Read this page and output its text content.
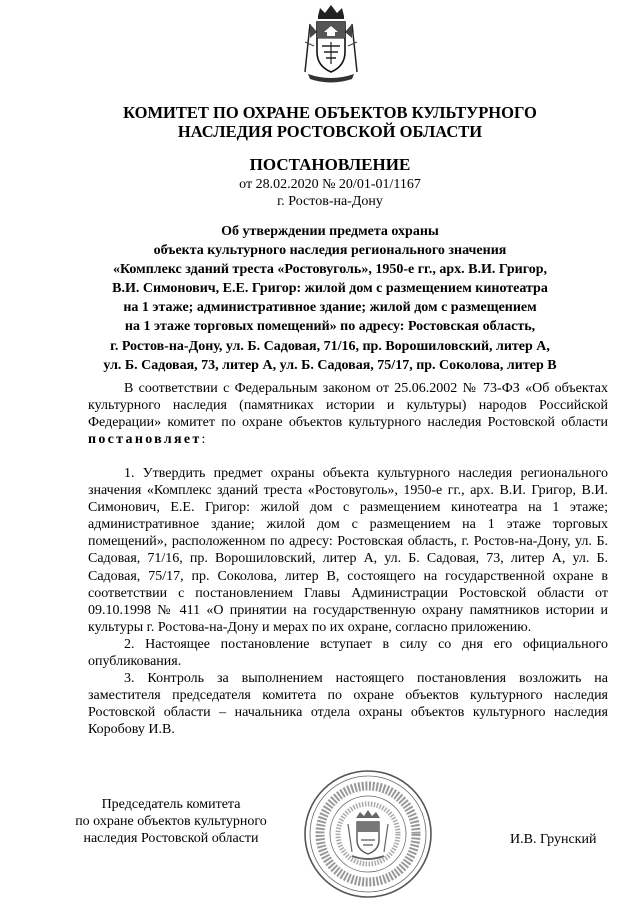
КОМИТЕТ ПО ОХРАНЕ ОБЪЕКТОВ КУЛЬТУРНОГО
НАСЛЕДИЯ РОСТОВСКОЙ ОБЛАСТИ
ПОСТАНОВЛЕНИЕ
от 28.02.2020 № 20/01-01/1167
г. Ростов-на-Дону
Об утверждении предмета охраны
объекта культурного наследия регионального значения
«Комплекс зданий треста «Ростовуголь», 1950-е гг., арх. В.И. Григор,
В.И. Симонович, Е.Е. Григор: жилой дом с размещением кинотеатра
на 1 этаже; административное здание; жилой дом с размещением
на 1 этаже торговых помещений» по адресу: Ростовская область,
г. Ростов-на-Дону, ул. Б. Садовая, 71/16, пр. Ворошиловский, литер А,
ул. Б. Садовая, 73, литер А, ул. Б. Садовая, 75/17, пр. Соколова, литер В
В соответствии с Федеральным законом от 25.06.2002 № 73-ФЗ «Об объектах культурного наследия (памятниках истории и культуры) народов Российской Федерации» комитет по охране объектов культурного наследия Ростовской области постановляет:

1. Утвердить предмет охраны объекта культурного наследия регионального значения «Комплекс зданий треста «Ростовуголь», 1950-е гг., арх. В.И. Григор, В.И. Симонович, Е.Е. Григор: жилой дом с размещением кинотеатра на 1 этаже; административное здание; жилой дом с размещением на 1 этаже торговых помещений», расположенном по адресу: Ростовская область, г. Ростов-на-Дону, ул. Б. Садовая, 71/16, пр. Ворошиловский, литер А, ул. Б. Садовая, 73, литер А, ул. Б. Садовая, 75/17, пр. Соколова, литер В, состоящего на государственной охране в соответствии с постановлением Главы Администрации Ростовской области от 09.10.1998 № 411 «О принятии на государственную охрану памятников истории и культуры г. Ростова-на-Дону и мерах по их охране, согласно приложению.

2. Настоящее постановление вступает в силу со дня его официального опубликования.

3. Контроль за выполнением настоящего постановления возложить на заместителя председателя комитета по охране объектов культурного наследия Ростовской области – начальника отдела охраны объектов культурного наследия Коробову И.В.

Председатель комитета
по охране объектов культурного
наследия Ростовской области	И.В. Грунский
